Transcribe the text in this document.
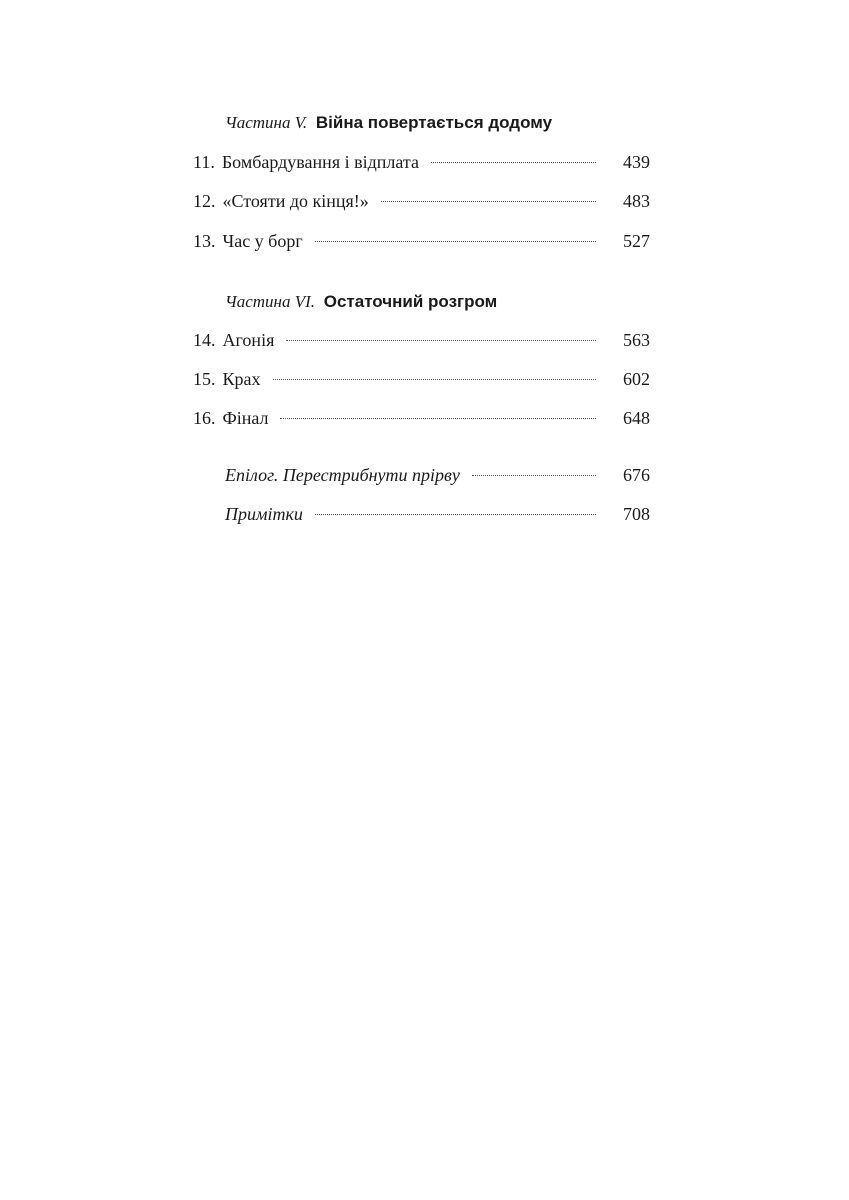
Частина V. Війна повертається додому
11. Бомбардування і відплата	439
12. «Стояти до кінця!»	483
13. Час у борг	527
Частина VI. Остаточний розгром
14. Агонія	563
15. Крах	602
16. Фінал	648
Епілог. Перестрибнути прірву	676
Примітки	708
